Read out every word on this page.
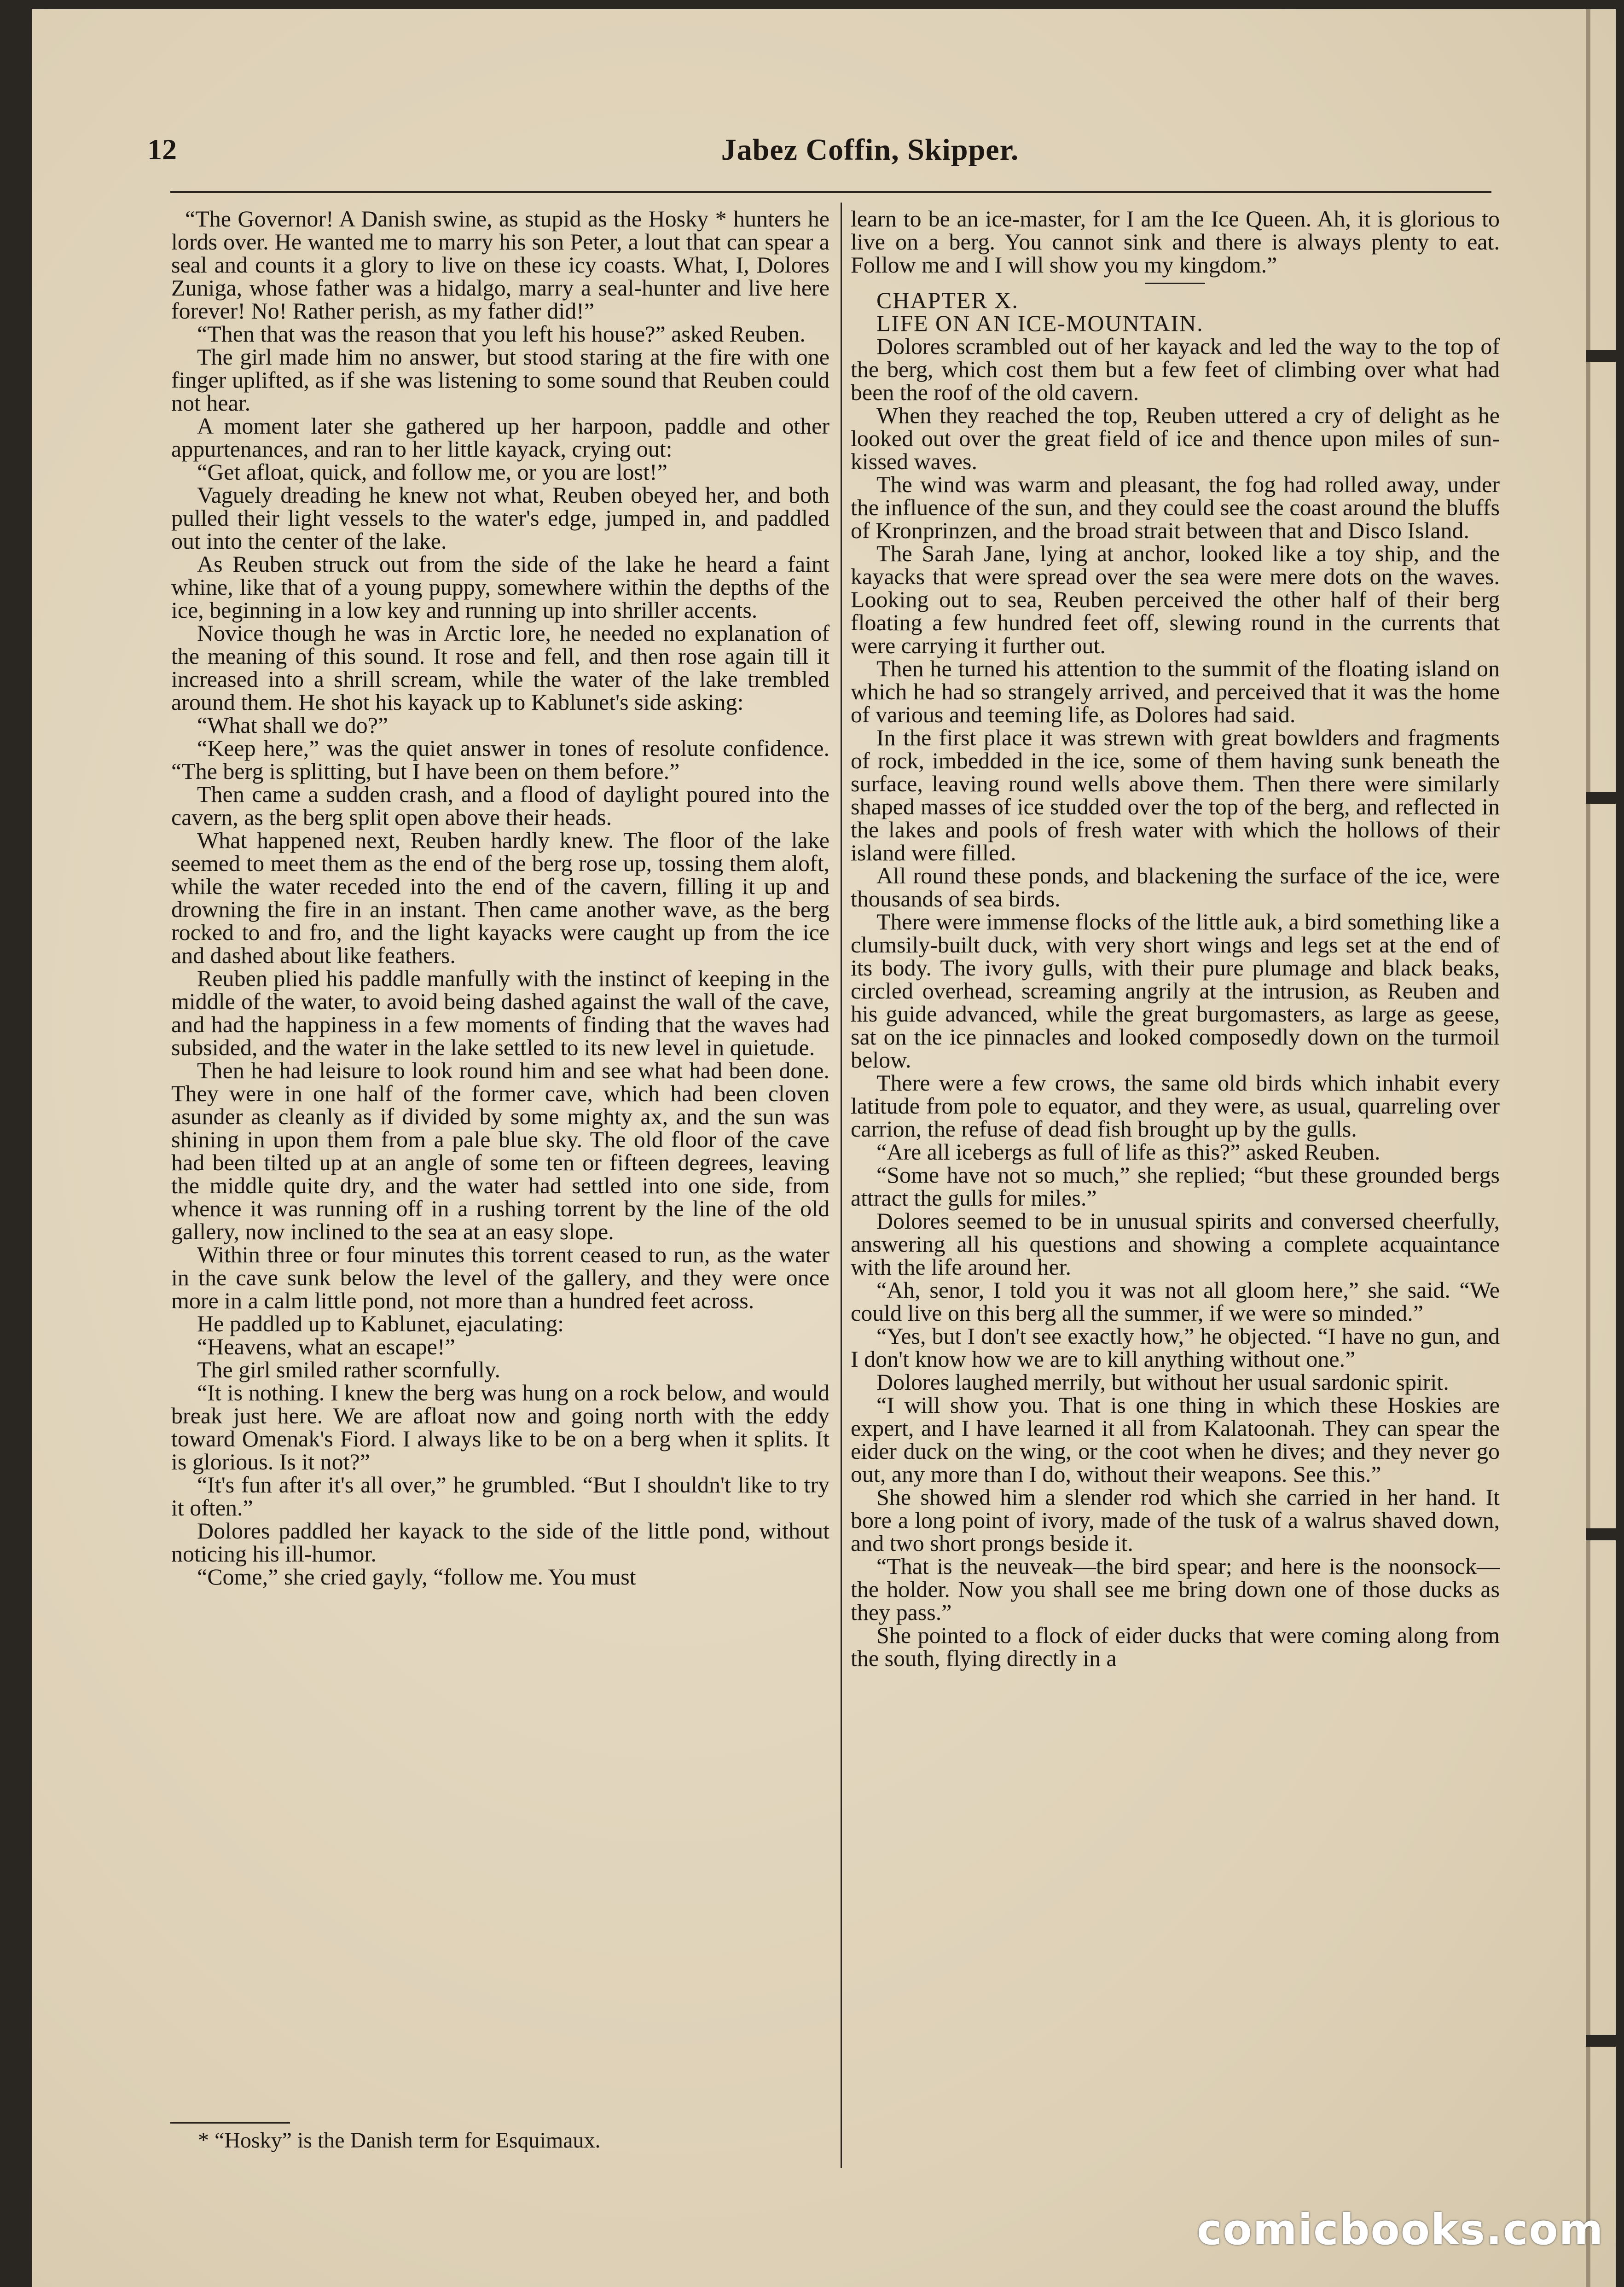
12	Jabez Coffin, Skipper.

“The Governor! A Danish swine, as stupid as the Hosky * hunters he lords over. He wanted me to marry his son Peter, a lout that can spear a seal and counts it a glory to live on these icy coasts. What, I, Dolores Zuniga, whose father was a hidalgo, marry a seal-hunter and live here forever! No! Rather perish, as my father did!”

“Then that was the reason that you left his house?” asked Reuben.

The girl made him no answer, but stood staring at the fire with one finger uplifted, as if she was listening to some sound that Reuben could not hear.

A moment later she gathered up her harpoon, paddle and other appurtenances, and ran to her little kayack, crying out:

“Get afloat, quick, and follow me, or you are lost!”

Vaguely dreading he knew not what, Reuben obeyed her, and both pulled their light vessels to the water's edge, jumped in, and paddled out into the center of the lake.

As Reuben struck out from the side of the lake he heard a faint whine, like that of a young puppy, somewhere within the depths of the ice, beginning in a low key and running up into shriller accents.

Novice though he was in Arctic lore, he needed no explanation of the meaning of this sound. It rose and fell, and then rose again till it increased into a shrill scream, while the water of the lake trembled around them. He shot his kayack up to Kablunet's side asking:

“What shall we do?”

“Keep here,” was the quiet answer in tones of resolute confidence. “The berg is splitting, but I have been on them before.”

Then came a sudden crash, and a flood of daylight poured into the cavern, as the berg split open above their heads.

What happened next, Reuben hardly knew. The floor of the lake seemed to meet them as the end of the berg rose up, tossing them aloft, while the water receded into the end of the cavern, filling it up and drowning the fire in an instant. Then came another wave, as the berg rocked to and fro, and the light kayacks were caught up from the ice and dashed about like feathers.

Reuben plied his paddle manfully with the instinct of keeping in the middle of the water, to avoid being dashed against the wall of the cave, and had the happiness in a few moments of finding that the waves had subsided, and the water in the lake settled to its new level in quietude.

Then he had leisure to look round him and see what had been done. They were in one half of the former cave, which had been cloven asunder as cleanly as if divided by some mighty ax, and the sun was shining in upon them from a pale blue sky. The old floor of the cave had been tilted up at an angle of some ten or fifteen degrees, leaving the middle quite dry, and the water had settled into one side, from whence it was running off in a rushing torrent by the line of the old gallery, now inclined to the sea at an easy slope.

Within three or four minutes this torrent ceased to run, as the water in the cave sunk below the level of the gallery, and they were once more in a calm little pond, not more than a hundred feet across.

He paddled up to Kablunet, ejaculating:

“Heavens, what an escape!”

The girl smiled rather scornfully.

“It is nothing. I knew the berg was hung on a rock below, and would break just here. We are afloat now and going north with the eddy toward Omenak's Fiord. I always like to be on a berg when it splits. It is glorious. Is it not?”

“It's fun after it's all over,” he grumbled. “But I shouldn't like to try it often.”

Dolores paddled her kayack to the side of the little pond, without noticing his ill-humor.

“Come,” she cried gayly, “follow me. You must

learn to be an ice-master, for I am the Ice Queen. Ah, it is glorious to live on a berg. You cannot sink and there is always plenty to eat. Follow me and I will show you my kingdom.”

CHAPTER X.

LIFE ON AN ICE-MOUNTAIN.

Dolores scrambled out of her kayack and led the way to the top of the berg, which cost them but a few feet of climbing over what had been the roof of the old cavern.

When they reached the top, Reuben uttered a cry of delight as he looked out over the great field of ice and thence upon miles of sun-kissed waves.

The wind was warm and pleasant, the fog had rolled away, under the influence of the sun, and they could see the coast around the bluffs of Kronprinzen, and the broad strait between that and Disco Island.

The Sarah Jane, lying at anchor, looked like a toy ship, and the kayacks that were spread over the sea were mere dots on the waves. Looking out to sea, Reuben perceived the other half of their berg floating a few hundred feet off, slewing round in the currents that were carrying it further out.

Then he turned his attention to the summit of the floating island on which he had so strangely arrived, and perceived that it was the home of various and teeming life, as Dolores had said.

In the first place it was strewn with great bowlders and fragments of rock, imbedded in the ice, some of them having sunk beneath the surface, leaving round wells above them. Then there were similarly shaped masses of ice studded over the top of the berg, and reflected in the lakes and pools of fresh water with which the hollows of their island were filled.

All round these ponds, and blackening the surface of the ice, were thousands of sea birds.

There were immense flocks of the little auk, a bird something like a clumsily-built duck, with very short wings and legs set at the end of its body. The ivory gulls, with their pure plumage and black beaks, circled overhead, screaming angrily at the intrusion, as Reuben and his guide advanced, while the great burgomasters, as large as geese, sat on the ice pinnacles and looked composedly down on the turmoil below.

There were a few crows, the same old birds which inhabit every latitude from pole to equator, and they were, as usual, quarreling over carrion, the refuse of dead fish brought up by the gulls.

“Are all icebergs as full of life as this?” asked Reuben.

“Some have not so much,” she replied; “but these grounded bergs attract the gulls for miles.”

Dolores seemed to be in unusual spirits and conversed cheerfully, answering all his questions and showing a complete acquaintance with the life around her.

“Ah, senor, I told you it was not all gloom here,” she said. “We could live on this berg all the summer, if we were so minded.”

“Yes, but I don't see exactly how,” he objected. “I have no gun, and I don't know how we are to kill anything without one.”

Dolores laughed merrily, but without her usual sardonic spirit.

“I will show you. That is one thing in which these Hoskies are expert, and I have learned it all from Kalatoonah. They can spear the eider duck on the wing, or the coot when he dives; and they never go out, any more than I do, without their weapons. See this.”

She showed him a slender rod which she carried in her hand. It bore a long point of ivory, made of the tusk of a walrus shaved down, and two short prongs beside it.

“That is the neuveak—the bird spear; and here is the noonsock—the holder. Now you shall see me bring down one of those ducks as they pass.”

She pointed to a flock of eider ducks that were coming along from the south, flying directly in a

* “Hosky” is the Danish term for Esquimaux.
comicbooks.com
